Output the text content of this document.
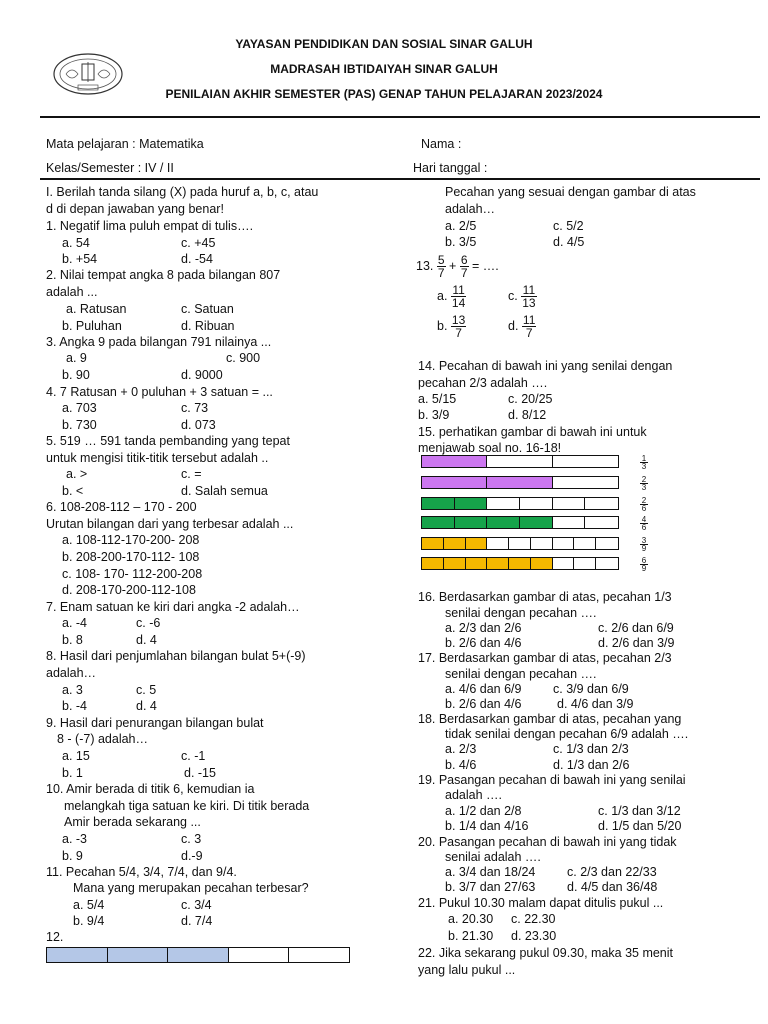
YAYASAN PENDIDIKAN DAN SOSIAL SINAR GALUH
MADRASAH IBTIDAIYAH SINAR GALUH
PENILAIAN AKHIR SEMESTER (PAS) GENAP TAHUN PELAJARAN 2023/2024
Mata pelajaran : Matematika	Nama :
Kelas/Semester : IV / II	Hari tanggal :
I. Berilah tanda silang (X) pada huruf a, b, c, atau
d di depan jawaban yang benar!
1. Negatif lima puluh empat di tulis….
a. 54	c. +45
b. +54	d. -54
2. Nilai tempat angka 8 pada bilangan 807
adalah ...
a. Ratusan	c. Satuan
b. Puluhan	d. Ribuan
3. Angka 9 pada bilangan 791 nilainya ...
a. 9	c. 900
b. 90	d. 9000
4. 7 Ratusan + 0 puluhan + 3 satuan = ...
a. 703	c. 73
b. 730	d. 073
5. 519 … 591 tanda pembanding yang tepat
untuk mengisi titik-titik tersebut adalah ..
a. >	c. =
b. <	d. Salah semua
6. 108-208-112 – 170 - 200
Urutan bilangan dari yang terbesar adalah ...
a. 108-112-170-200- 208
b. 208-200-170-112- 108
c. 108- 170- 112-200-208
d. 208-170-200-112-108
7. Enam satuan ke kiri dari angka -2 adalah…
a. -4	c. -6
b. 8	d. 4
8. Hasil dari penjumlahan bilangan bulat 5+(-9)
adalah…
a. 3	c. 5
b. -4	d. 4
9. Hasil dari penurangan bilangan bulat
8 - (-7) adalah…
a. 15	c. -1
b. 1	d. -15
10. Amir berada di titik 6, kemudian ia
melangkah tiga satuan ke kiri. Di titik berada
Amir berada sekarang ...
a. -3	c. 3
b. 9	d.-9
11. Pecahan 5/4, 3/4, 7/4, dan 9/4.
Mana yang merupakan pecahan terbesar?
a. 5/4	c. 3/4
b. 9/4	d. 7/4
12.
Pecahan yang sesuai dengan gambar di atas
adalah…
a. 2/5	c. 5/2
b. 3/5	d. 4/5
13. $\frac{5}{7} + \frac{6}{7}$ = ….
a. $\frac{11}{14}$	c. $\frac{11}{13}$
b. $\frac{13}{7}$	d. $\frac{11}{7}$
14. Pecahan di bawah ini yang senilai dengan
pecahan 2/3 adalah ….
a. 5/15	c. 20/25
b. 3/9	d. 8/12
15. perhatikan gambar di bawah ini untuk
menjawab soal no. 16-18!
1
3
2
3
2
6
4
6
3
9
6
9
16. Berdasarkan gambar di atas, pecahan 1/3
senilai dengan pecahan ….
a. 2/3 dan 2/6	c. 2/6 dan 6/9
b. 2/6 dan 4/6	d. 2/6 dan 3/9
17. Berdasarkan gambar di atas, pecahan 2/3
senilai dengan pecahan ….
a. 4/6 dan 6/9	c. 3/9 dan 6/9
b. 2/6 dan 4/6	d. 4/6 dan 3/9
18. Berdasarkan gambar di atas, pecahan yang
tidak senilai dengan pecahan 6/9 adalah ….
a. 2/3	c. 1/3 dan 2/3
b. 4/6	d. 1/3 dan 2/6
19. Pasangan pecahan di bawah ini yang senilai
adalah ….
a. 1/2 dan 2/8	c. 1/3 dan 3/12
b. 1/4 dan 4/16	d. 1/5 dan 5/20
20. Pasangan pecahan di bawah ini yang tidak
senilai adalah ….
a. 3/4 dan 18/24	c. 2/3 dan 22/33
b. 3/7 dan 27/63	d. 4/5 dan 36/48
21. Pukul 10.30 malam dapat ditulis pukul ...
a. 20.30 c. 22.30
b. 21.30 d. 23.30
22. Jika sekarang pukul 09.30, maka 35 menit
yang lalu pukul ...
